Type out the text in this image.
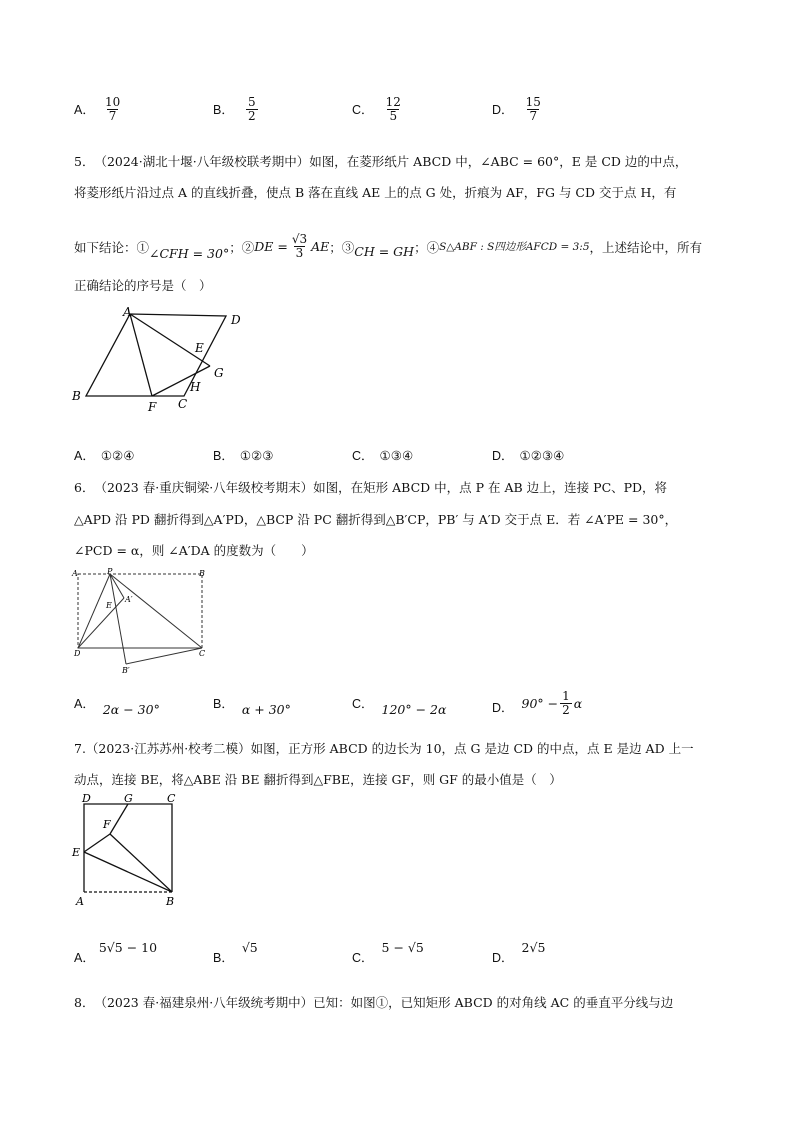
A． $\frac{10}{7}$	B． $\frac{5}{2}$	C． $\frac{12}{5}$	D． $\frac{15}{7}$
5．　（2024·湖北十堰·八年级校联考期中）如图，在菱形纸片 ABCD 中，∠ABC = 60°，E 是 CD 边的中点，
将菱形纸片沿过点 A 的直线折叠，使点 B 落在直线 AE 上的点 G 处，折痕为 AF，FG 与 CD 交于点 H，有
如下结论：① ∠CFH = 30° ；② DE = $\frac{√3}{3}$ AE ；③ CH = GH ；④ S△ABF : S四边形AFCD = 3:5 ，上述结论中，所有
正确结论的序号是（　）
A
D
E
G
H
B
F C
A． ①②④	B． ①②③	C． ①③④	D． ①②③④
6．　（2023 春·重庆铜梁·八年级校考期末）如图，在矩形 ABCD 中，点 P 在 AB 边上，连接 PC、PD，将
△APD 沿 PD 翻折得到△A′PD，△BCP 沿 PC 翻折得到△B′CP，PB′ 与 A′D 交于点 E．若 ∠A′PE = 30°，
∠PCD = α，则 ∠A′DA 的度数为（　　）
A	P	B
E
A′
D	C
B′
A． 2α − 30°	B． α + 30°	C． 120° − 2α	D． $90^\circ - \frac{1}{2}$ α
7.（2023·江苏苏州·校考二模）如图，正方形 ABCD 的边长为 10，点 G 是边 CD 的中点，点 E 是边 AD 上一
动点，连接 BE，将△ABE 沿 BE 翻折得到△FBE，连接 GF，则 GF 的最小值是（　）
D	G	C
F
E
A	B
A．5√5 − 10
B．√5
C．5 − √5
D．2√5
8．　（2023 春·福建泉州·八年级统考期中）已知：如图①，已知矩形 ABCD 的对角线 AC 的垂直平分线与边
